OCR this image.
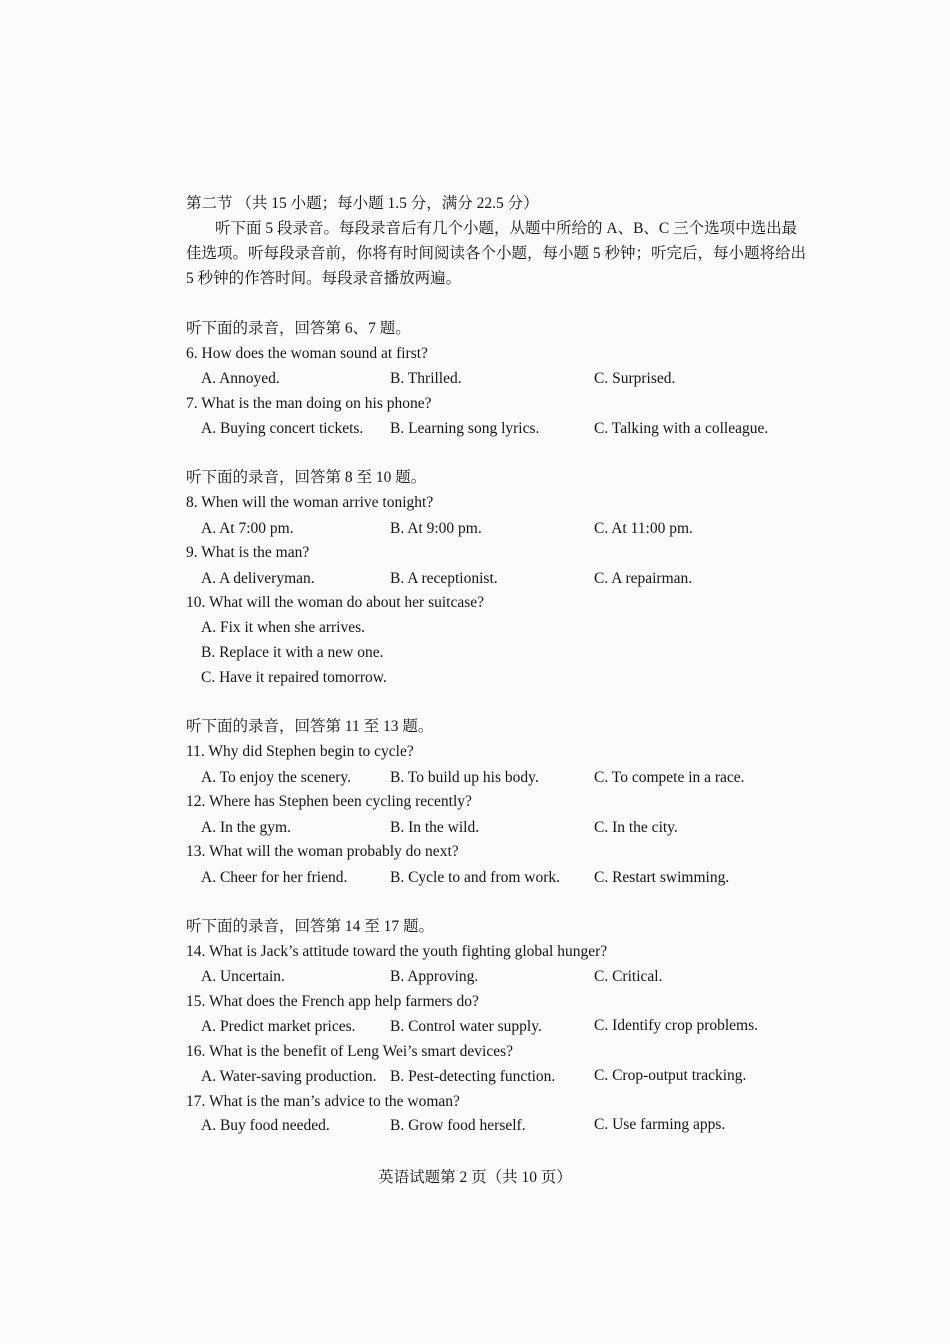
第二节 （共 15 小题；每小题 1.5 分，满分 22.5 分）
听下面 5 段录音。每段录音后有几个小题，从题中所给的 A、B、C 三个选项中选出最
佳选项。听每段录音前，你将有时间阅读各个小题，每小题 5 秒钟；听完后，每小题将给出
5 秒钟的作答时间。每段录音播放两遍。
听下面的录音，回答第 6、7 题。
6. How does the woman sound at first?
A. Annoyed.	B. Thrilled.	C. Surprised.
7. What is the man doing on his phone?
A. Buying concert tickets. B. Learning song lyrics.	C. Talking with a colleague.
听下面的录音，回答第 8 至 10 题。
8. When will the woman arrive tonight?
A. At 7:00 pm.	B. At 9:00 pm.	C. At 11:00 pm.
9. What is the man?
A. A deliveryman.	B. A receptionist.	C. A repairman.
10. What will the woman do about her suitcase?
A. Fix it when she arrives.
B. Replace it with a new one.
C. Have it repaired tomorrow.
听下面的录音，回答第 11 至 13 题。
11. Why did Stephen begin to cycle?
A. To enjoy the scenery.	B. To build up his body.	C. To compete in a race.
12. Where has Stephen been cycling recently?
A. In the gym.	B. In the wild.	C. In the city.
13. What will the woman probably do next?
A. Cheer for her friend.	B. Cycle to and from work. C. Restart swimming.
听下面的录音，回答第 14 至 17 题。
14. What is Jack’s attitude toward the youth fighting global hunger?
A. Uncertain.	B. Approving.	C. Critical.
15. What does the French app help farmers do?
A. Predict market prices. B. Control water supply.	C. Identify crop problems.
16. What is the benefit of Leng Wei’s smart devices?
A. Water-saving production. B. Pest-detecting function. C. Crop-output tracking.
17. What is the man’s advice to the woman?
A. Buy food needed.	B. Grow food herself.	C. Use farming apps.
英语试题第 2 页（共 10 页）
